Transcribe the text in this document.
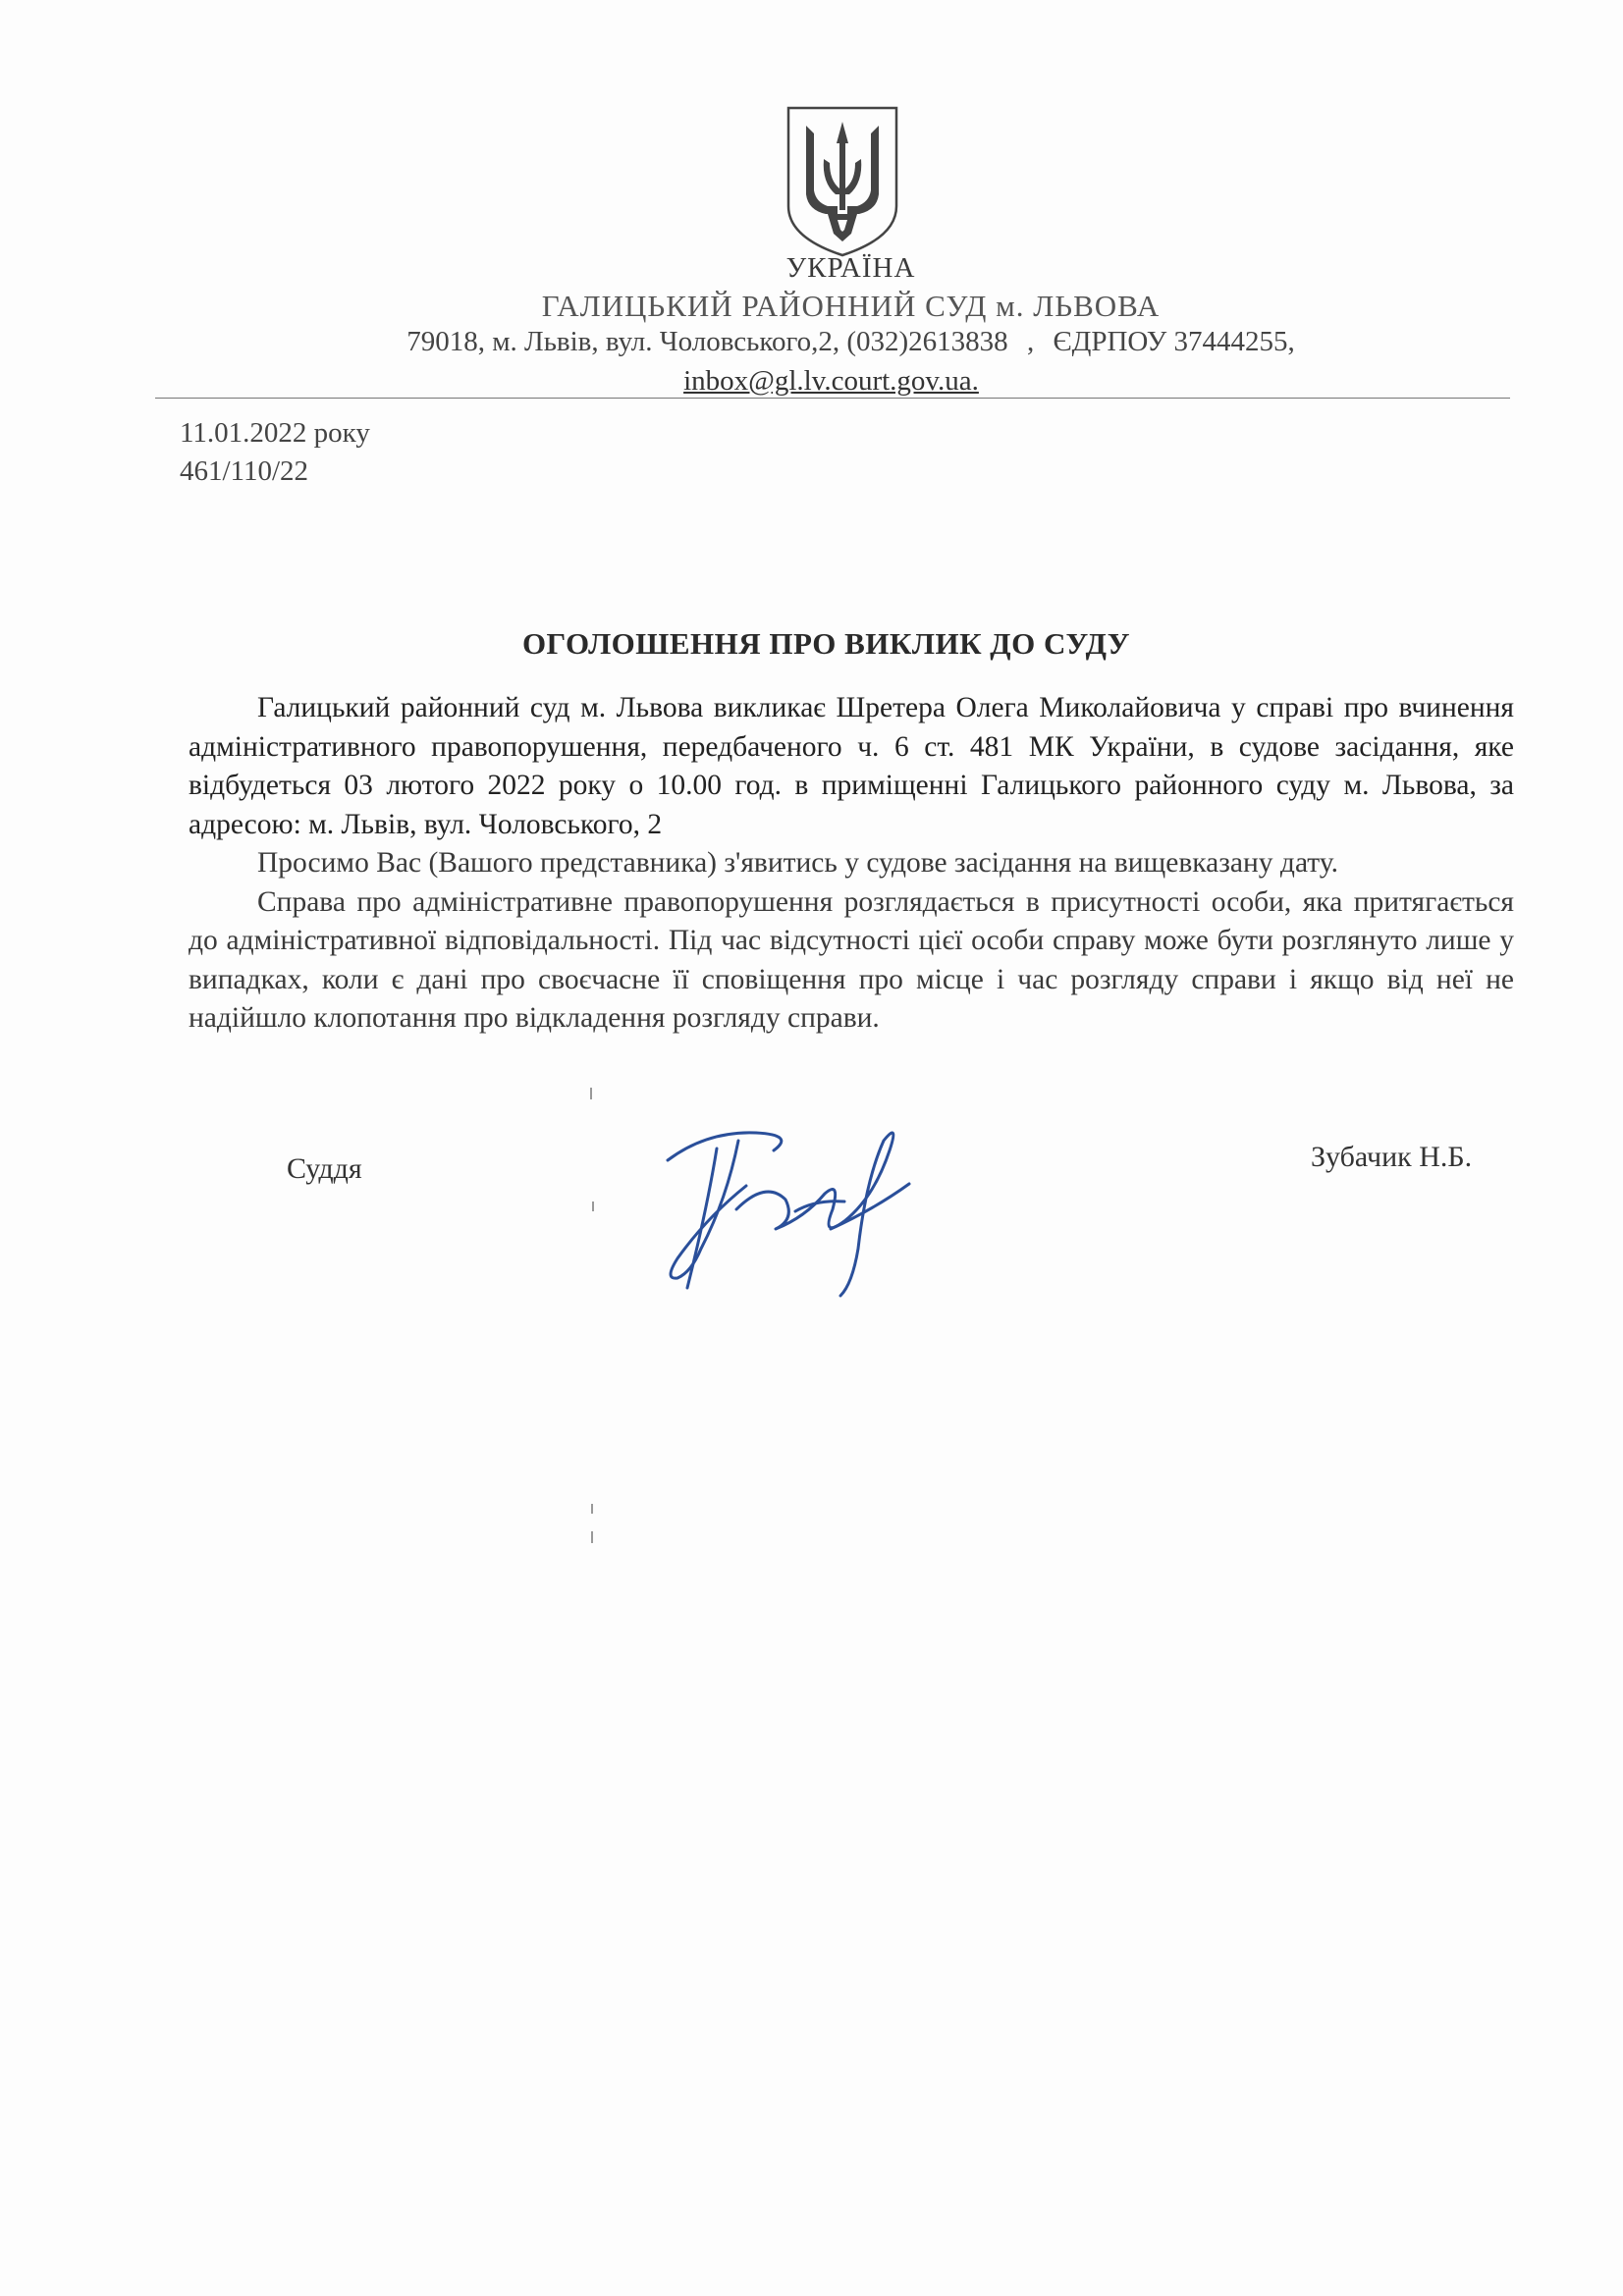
УКРАЇНА
ГАЛИЦЬКИЙ РАЙОННИЙ СУД м. ЛЬВОВА
79018, м. Львів, вул. Чоловського,2, (032)2613838 , ЄДРПОУ 37444255,
inbox@gl.lv.court.gov.ua.
11.01.2022 року
461/110/22
ОГОЛОШЕННЯ ПРО ВИКЛИК ДО СУДУ

Галицький районний суд м. Львова викликає Шретера Олега Миколайовича у справі про вчинення адміністративного правопорушення, передбаченого ч. 6 ст. 481 МК України, в судове засідання, яке відбудеться 03 лютого 2022 року о 10.00 год. в приміщенні Галицького районного суду м. Львова, за адресою: м. Львів, вул. Чоловського, 2

Просимо Вас (Вашого представника) з'явитись у судове засідання на вищевказану дату.

Справа про адміністративне правопорушення розглядається в присутності особи, яка притягається до адміністративної відповідальності. Під час відсутності цієї особи справу може бути розглянуто лише у випадках, коли є дані про своєчасне її сповіщення про місце і час розгляду справи і якщо від неї не надійшло клопотання про відкладення розгляду справи.

Суддя	Зубачик Н.Б.
